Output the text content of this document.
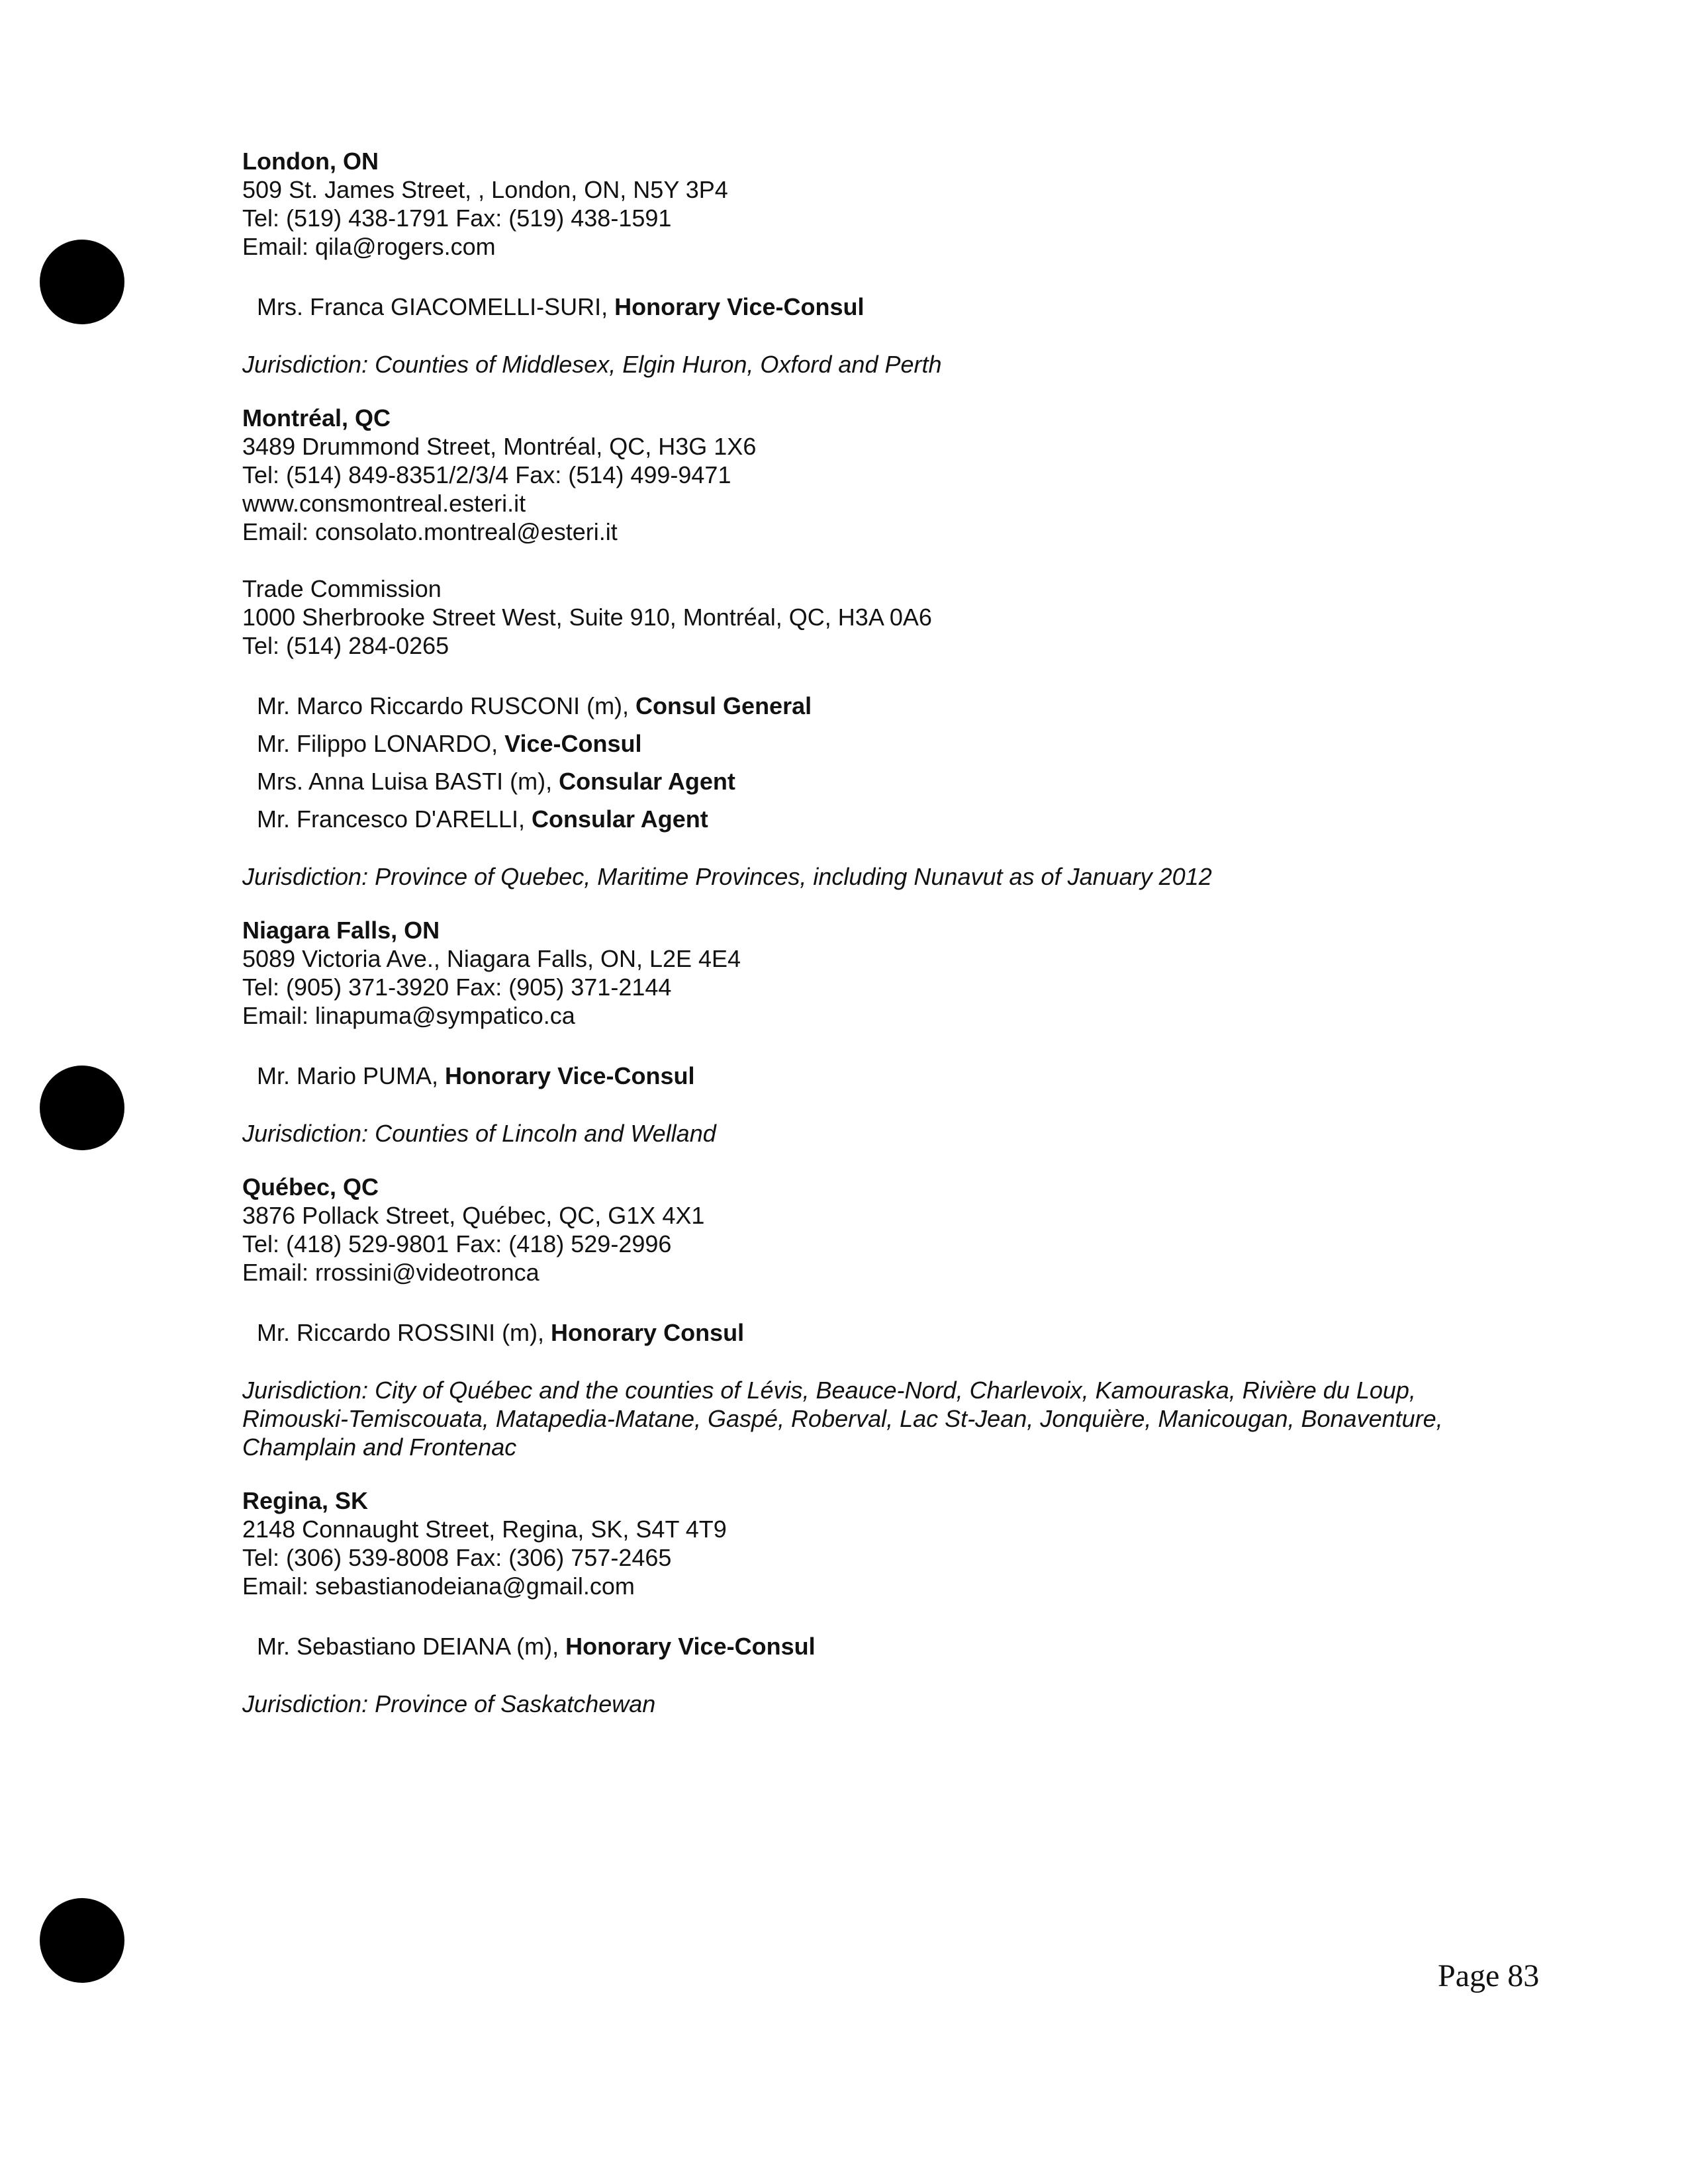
London, ON

509 St. James Street, , London, ON, N5Y 3P4

Tel: (519) 438-1791 Fax: (519) 438-1591

Email: qila@rogers.com

Mrs. Franca GIACOMELLI-SURI, Honorary Vice-Consul

Jurisdiction: Counties of Middlesex, Elgin Huron, Oxford and Perth

Montréal, QC

3489 Drummond Street, Montréal, QC, H3G 1X6

Tel: (514) 849-8351/2/3/4 Fax: (514) 499-9471

www.consmontreal.esteri.it

Email: consolato.montreal@esteri.it

Trade Commission

1000 Sherbrooke Street West, Suite 910, Montréal, QC, H3A 0A6

Tel: (514) 284-0265

Mr. Marco Riccardo RUSCONI (m), Consul General

Mr. Filippo LONARDO, Vice-Consul

Mrs. Anna Luisa BASTI (m), Consular Agent

Mr. Francesco D'ARELLI, Consular Agent

Jurisdiction: Province of Quebec, Maritime Provinces, including Nunavut as of January 2012

Niagara Falls, ON

5089 Victoria Ave., Niagara Falls, ON, L2E 4E4

Tel: (905) 371-3920 Fax: (905) 371-2144

Email: linapuma@sympatico.ca

Mr. Mario PUMA, Honorary Vice-Consul

Jurisdiction: Counties of Lincoln and Welland

Québec, QC

3876 Pollack Street, Québec, QC, G1X 4X1

Tel: (418) 529-9801 Fax: (418) 529-2996

Email: rrossini@videotronca

Mr. Riccardo ROSSINI (m), Honorary Consul

Jurisdiction: City of Québec and the counties of Lévis, Beauce-Nord, Charlevoix, Kamouraska, Rivière du Loup, Rimouski-Temiscouata, Matapedia-Matane, Gaspé, Roberval, Lac St-Jean, Jonquière, Manicougan, Bonaventure, Champlain and Frontenac

Regina, SK

2148 Connaught Street, Regina, SK, S4T 4T9

Tel: (306) 539-8008 Fax: (306) 757-2465

Email: sebastianodeiana@gmail.com

Mr. Sebastiano DEIANA (m), Honorary Vice-Consul

Jurisdiction: Province of Saskatchewan

Page 83
